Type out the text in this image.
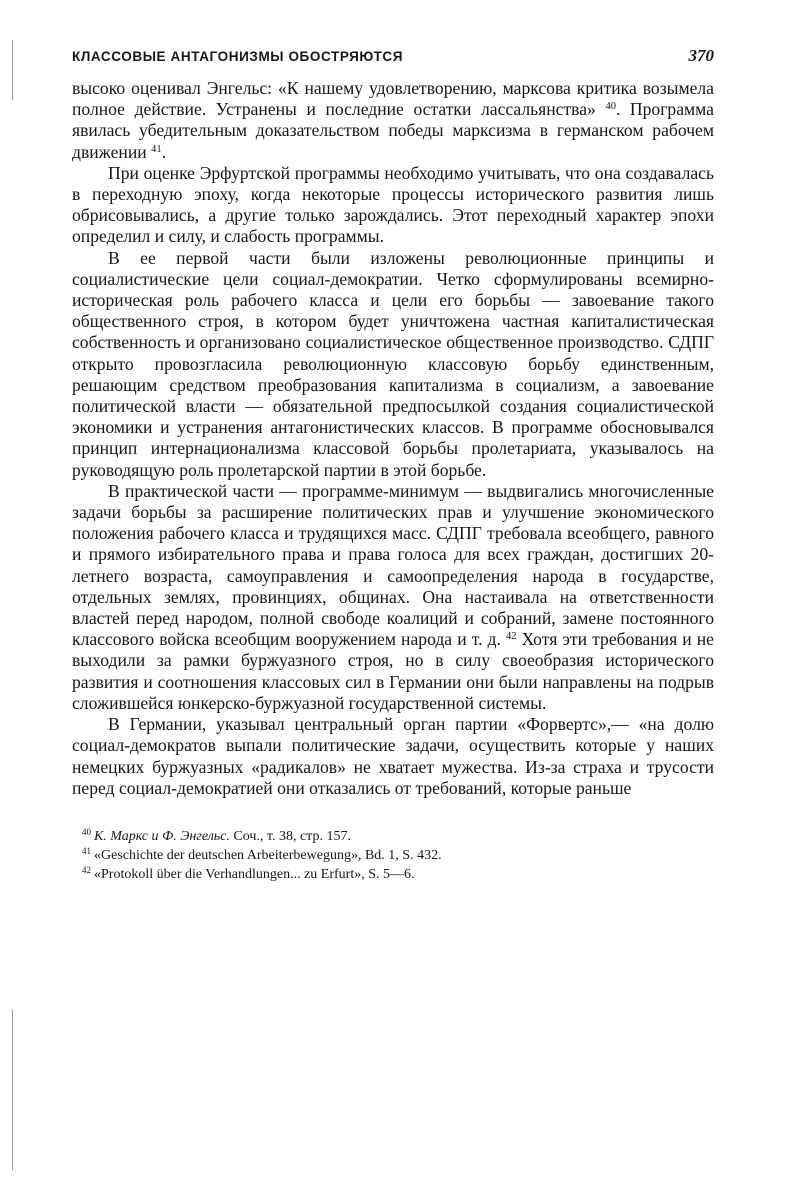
КЛАССОВЫЕ АНТАГОНИЗМЫ ОБОСТРЯЮТСЯ	370

высоко оценивал Энгельс: «К нашему удовлетворению, марксова критика возымела полное действие. Устранены и последние остатки лассальянства» $^{40}$. Программа явилась убедительным доказательством победы марксизма в германском рабочем движении $^{41}$.

При оценке Эрфуртской программы необходимо учитывать, что она создавалась в переходную эпоху, когда некоторые процессы исторического развития лишь обрисовывались, а другие только зарождались. Этот переходный характер эпохи определил и силу, и слабость программы.

В ее первой части были изложены революционные принципы и социалистические цели социал-демократии. Четко сформулированы всемирно-историческая роль рабочего класса и цели его борьбы — завоевание такого общественного строя, в котором будет уничтожена частная капиталистическая собственность и организовано социалистическое общественное производство. СДПГ открыто провозгласила революционную классовую борьбу единственным, решающим средством преобразования капитализма в социализм, а завоевание политической власти — обязательной предпосылкой создания социалистической экономики и устранения антагонистических классов. В программе обосновывался принцип интернационализма классовой борьбы пролетариата, указывалось на руководящую роль пролетарской партии в этой борьбе.

В практической части — программе-минимум — выдвигались многочисленные задачи борьбы за расширение политических прав и улучшение экономического положения рабочего класса и трудящихся масс. СДПГ требовала всеобщего, равного и прямого избирательного права и права голоса для всех граждан, достигших 20-летнего возраста, самоуправления и самоопределения народа в государстве, отдельных землях, провинциях, общинах. Она настаивала на ответственности властей перед народом, полной свободе коалиций и собраний, замене постоянного классового войска всеобщим вооружением народа и т. д. $^{42}$ Хотя эти требования и не выходили за рамки буржуазного строя, но в силу своеобразия исторического развития и соотношения классовых сил в Германии они были направлены на подрыв сложившейся юнкерско-буржуазной государственной системы.

В Германии, указывал центральный орган партии «Форвертс»,— «на долю социал-демократов выпали политические задачи, осуществить которые у наших немецких буржуазных «радикалов» не хватает мужества. Из-за страха и трусости перед социал-демократией они отказались от требований, которые раньше

$^{40}$ К. Маркс и Ф. Энгельс. Соч., т. 38, стр. 157.

$^{41}$ «Geschichte der deutschen Arbeiterbewegung», Bd. 1, S. 432.

$^{42}$ «Protokoll über die Verhandlungen... zu Erfurt», S. 5—6.
